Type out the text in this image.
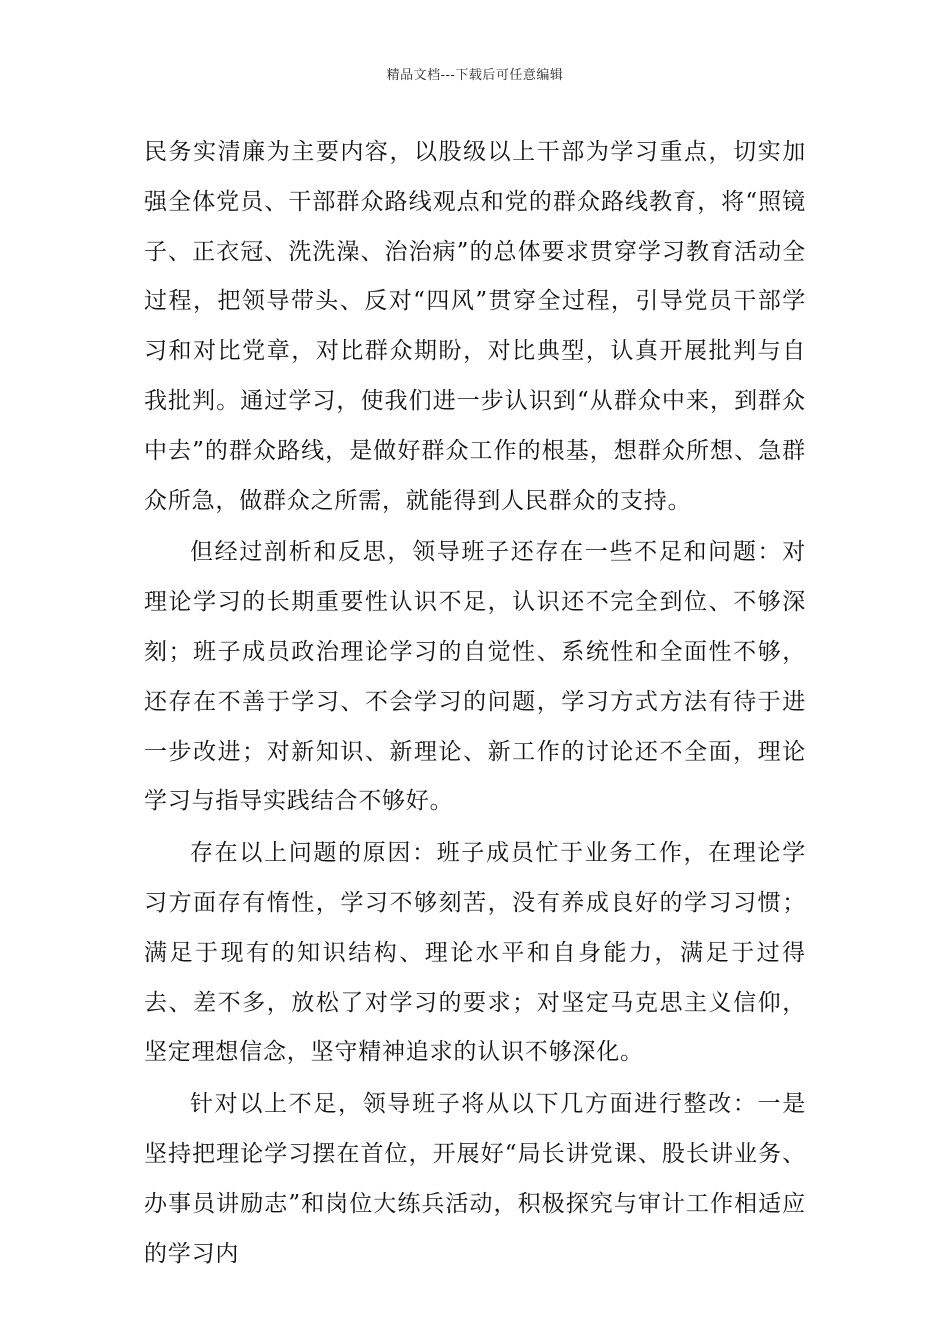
精品文档---下载后可任意编辑

民务实清廉为主要内容，以股级以上干部为学习重点，切实加强全体党员、干部群众路线观点和党的群众路线教育，将“照镜子、正衣冠、洗洗澡、治治病”的总体要求贯穿学习教育活动全过程，把领导带头、反对“四风”贯穿全过程，引导党员干部学习和对比党章，对比群众期盼，对比典型，认真开展批判与自我批判。通过学习，使我们进一步认识到“从群众中来，到群众中去”的群众路线，是做好群众工作的根基，想群众所想、急群众所急，做群众之所需，就能得到人民群众的支持。

但经过剖析和反思，领导班子还存在一些不足和问题：对理论学习的长期重要性认识不足，认识还不完全到位、不够深刻；班子成员政治理论学习的自觉性、系统性和全面性不够，还存在不善于学习、不会学习的问题，学习方式方法有待于进一步改进；对新知识、新理论、新工作的讨论还不全面，理论学习与指导实践结合不够好。

存在以上问题的原因：班子成员忙于业务工作，在理论学习方面存有惰性，学习不够刻苦，没有养成良好的学习习惯；满足于现有的知识结构、理论水平和自身能力，满足于过得去、差不多，放松了对学习的要求；对坚定马克思主义信仰，坚定理想信念，坚守精神追求的认识不够深化。

针对以上不足，领导班子将从以下几方面进行整改：一是坚持把理论学习摆在首位，开展好“局长讲党课、股长讲业务、办事员讲励志”和岗位大练兵活动，积极探究与审计工作相适应的学习内
